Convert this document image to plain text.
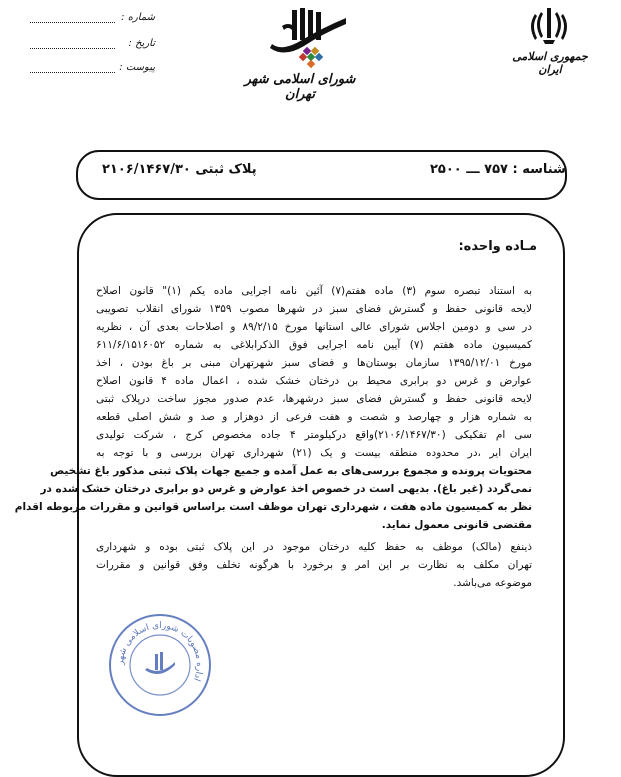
شماره :
تاریخ :
پیوست :
شورای اسلامی شهر تهران
جمهوری اسلامی ایران
پلاک ثبتی ۲۱۰۶/۱۴۶۷/۳۰	شناسه : ۷۵۷ ـــ ۲۵۰۰
مـاده واحده:
به استناد تبصره سوم (۳) ماده هفتم(۷) آئین نامه اجرایی ماده یکم (۱)" قانون اصلاح
لایحه قانونی حفظ و گسترش فضای سبز در شهرها مصوب ۱۳۵۹ شورای انقلاب تصویبی
در سی و دومین اجلاس شورای عالی استانها مورخ ۸۹/۲/۱۵ و اصلاحات بعدی آن ، نظریه
کمیسیون ماده هفتم (۷) آیین نامه اجرایی فوق الذکرابلاغی به شماره ۶۱۱/۶/۱۵۱۶۰۵۲
مورخ ۱۳۹۵/۱۲/۰۱ سازمان بوستان‌ها و فضای سبز شهرتهران مبنی بر باغ بودن ، اخذ
عوارض و غرس دو برابری محیط بن درختان خشک شده ، اعمال ماده ۴ قانون اصلاح
لایحه قانونی حفظ و گسترش فضای سبز درشهرها، عدم صدور مجوز ساخت درپلاک ثبتی
به شماره هزار و چهارصد و شصت و هفت فرعی از دوهزار و صد و شش اصلی قطعه
سی ام تفکیکی (۲۱۰۶/۱۴۶۷/۳۰)واقع درکیلومتر ۴ جاده مخصوص کرج ، شرکت تولیدی
ایران ایر ،در محدوده منطقه بیست و یک (۲۱) شهرداری تهران بررسی و با توجه به
محتویات پرونده و مجموع بررسی‌های به عمل آمده و جمیع جهات پلاک ثبتی مذکور باغ تشخیص
نمی‌گردد (غیر باغ). بدیهی است در خصوص اخذ عوارض و غرس دو برابری درختان خشک شده در
نظر به کمیسیون ماده هفت ، شهرداری تهران موظف است براساس قوانین و مقررات مربوطه اقدام
مقتضی قانونی معمول نماید.
ذینفع (مالک) موظف به حفظ کلیه درختان موجود در این پلاک ثبتی بوده و شهرداری
تهران مکلف به نظارت بر این امر و برخورد با هرگونه تخلف وفق قوانین و مقررات
موضوعه می‌باشد.
اداره مصوبات شورای اسلامی شهر
